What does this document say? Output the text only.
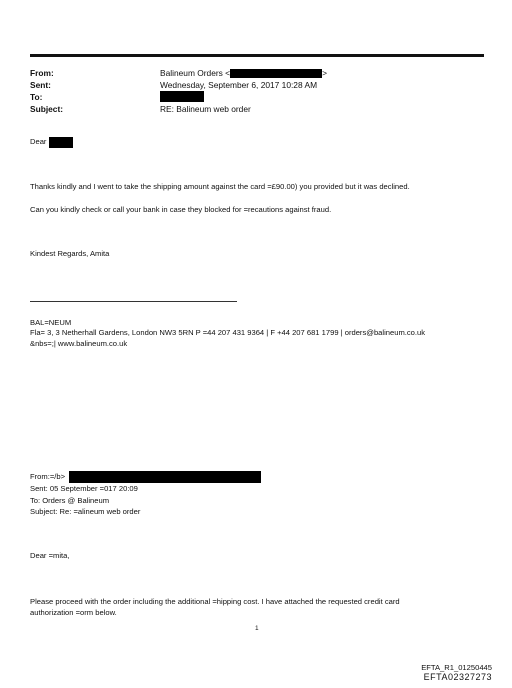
From:
Sent:
To:
Subject:
Balineum Orders <	>
Wednesday, September 6, 2017 10:28 AM
RE: Balineum web order
Dear
Thanks kindly and I went to take the shipping amount against the card =£90.00) you provided but it was declined.
Can you kindly check or call your bank in case they blocked for =recautions against fraud.
Kindest Regards, Amita
BAL=NEUM
Fla= 3, 3 Netherhall Gardens, London NW3 5RN P =44 207 431 9364 | F +44 207 681 1799 | orders@balineum.co.uk
&nbs=;| www.balineum.co.uk
From:=/b>
Sent: 05 September =017 20:09
To: Orders @ Balineum
Subject: Re: =alineum web order
Dear =mita,
Please proceed with the order including the additional =hipping cost. I have attached the requested credit card
authorization =orm below.
1
EFTA_R1_01250445
EFTA02327273
